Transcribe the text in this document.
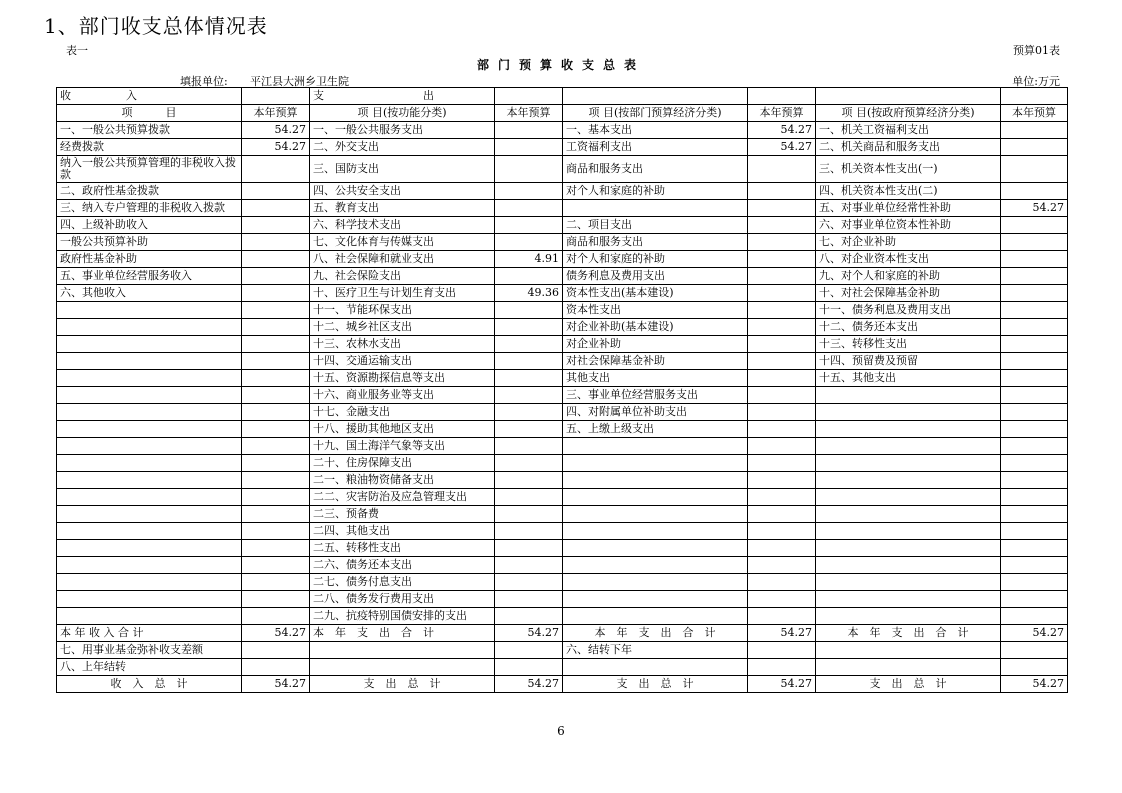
1、部门收支总体情况表
表一	预算01表
部门预算收支总表
填报单位: 平江县大洲乡卫生院	单位:万元
收　　　　　入		支　　　　　　　　　出					
项　　　目	本年预算	项 目(按功能分类)	本年预算	项 目(按部门预算经济分类)	本年预算	项 目(按政府预算经济分类)	本年预算
一、一般公共预算拨款	54.27	一、一般公共服务支出		一、基本支出	54.27	一、机关工资福利支出	
经费拨款	54.27	二、外交支出		工资福利支出	54.27	二、机关商品和服务支出	
纳入一般公共预算管理的非税收入拨款		三、国防支出		商品和服务支出		三、机关资本性支出(一)	
二、政府性基金拨款		四、公共安全支出		对个人和家庭的补助		四、机关资本性支出(二)	
三、纳入专户管理的非税收入拨款		五、教育支出				五、对事业单位经常性补助	54.27
四、上级补助收入		六、科学技术支出		二、项目支出		六、对事业单位资本性补助	
一般公共预算补助		七、文化体育与传媒支出		商品和服务支出		七、对企业补助	
政府性基金补助		八、社会保障和就业支出	4.91	对个人和家庭的补助		八、对企业资本性支出	
五、事业单位经营服务收入		九、社会保险支出		债务利息及费用支出		九、对个人和家庭的补助	
六、其他收入		十、医疗卫生与计划生育支出	49.36	资本性支出(基本建设)		十、对社会保障基金补助	
		十一、节能环保支出		资本性支出		十一、债务利息及费用支出	
		十二、城乡社区支出		对企业补助(基本建设)		十二、债务还本支出	
		十三、农林水支出		对企业补助		十三、转移性支出	
		十四、交通运输支出		对社会保障基金补助		十四、预留费及预留	
		十五、资源勘探信息等支出		其他支出		十五、其他支出	
		十六、商业服务业等支出		三、事业单位经营服务支出			
		十七、金融支出		四、对附属单位补助支出			
		十八、援助其他地区支出		五、上缴上级支出			
		十九、国土海洋气象等支出					
		二十、住房保障支出					
		二一、粮油物资储备支出					
		二二、灾害防治及应急管理支出					
		二三、预备费					
		二四、其他支出					
		二五、转移性支出					
		二六、债务还本支出					
		二七、债务付息支出					
		二八、债务发行费用支出					
		二九、抗疫特别国债安排的支出					
本 年 收 入 合 计	54.27	本　年　支　出　合　计	54.27	本　年　支　出　合　计	54.27	本　年　支　出　合　计	54.27
七、用事业基金弥补收支差额				六、结转下年			
八、上年结转							
收　入　总　计	54.27	支　出　总　计	54.27	支　出　总　计	54.27	支　出　总　计	54.27
6
